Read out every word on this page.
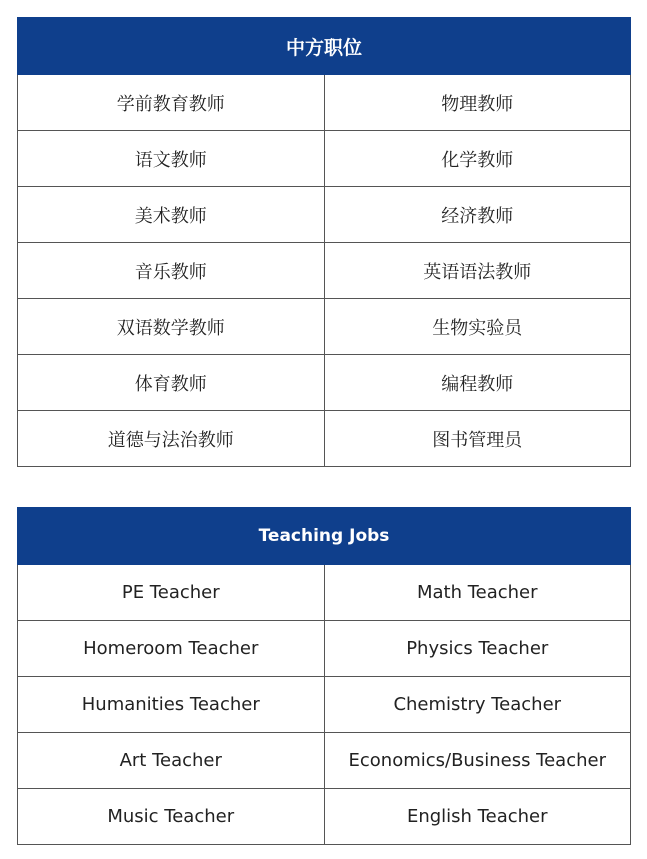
中方职位	
学前教育教师	物理教师
语文教师	化学教师
美术教师	经济教师
音乐教师	英语语法教师
双语数学教师	生物实验员
体育教师	编程教师
道德与法治教师	图书管理员
Teaching Jobs	
PE Teacher	Math Teacher
Homeroom Teacher	Physics Teacher
Humanities Teacher	Chemistry Teacher
Art Teacher	Economics/Business Teacher
Music Teacher	English Teacher
